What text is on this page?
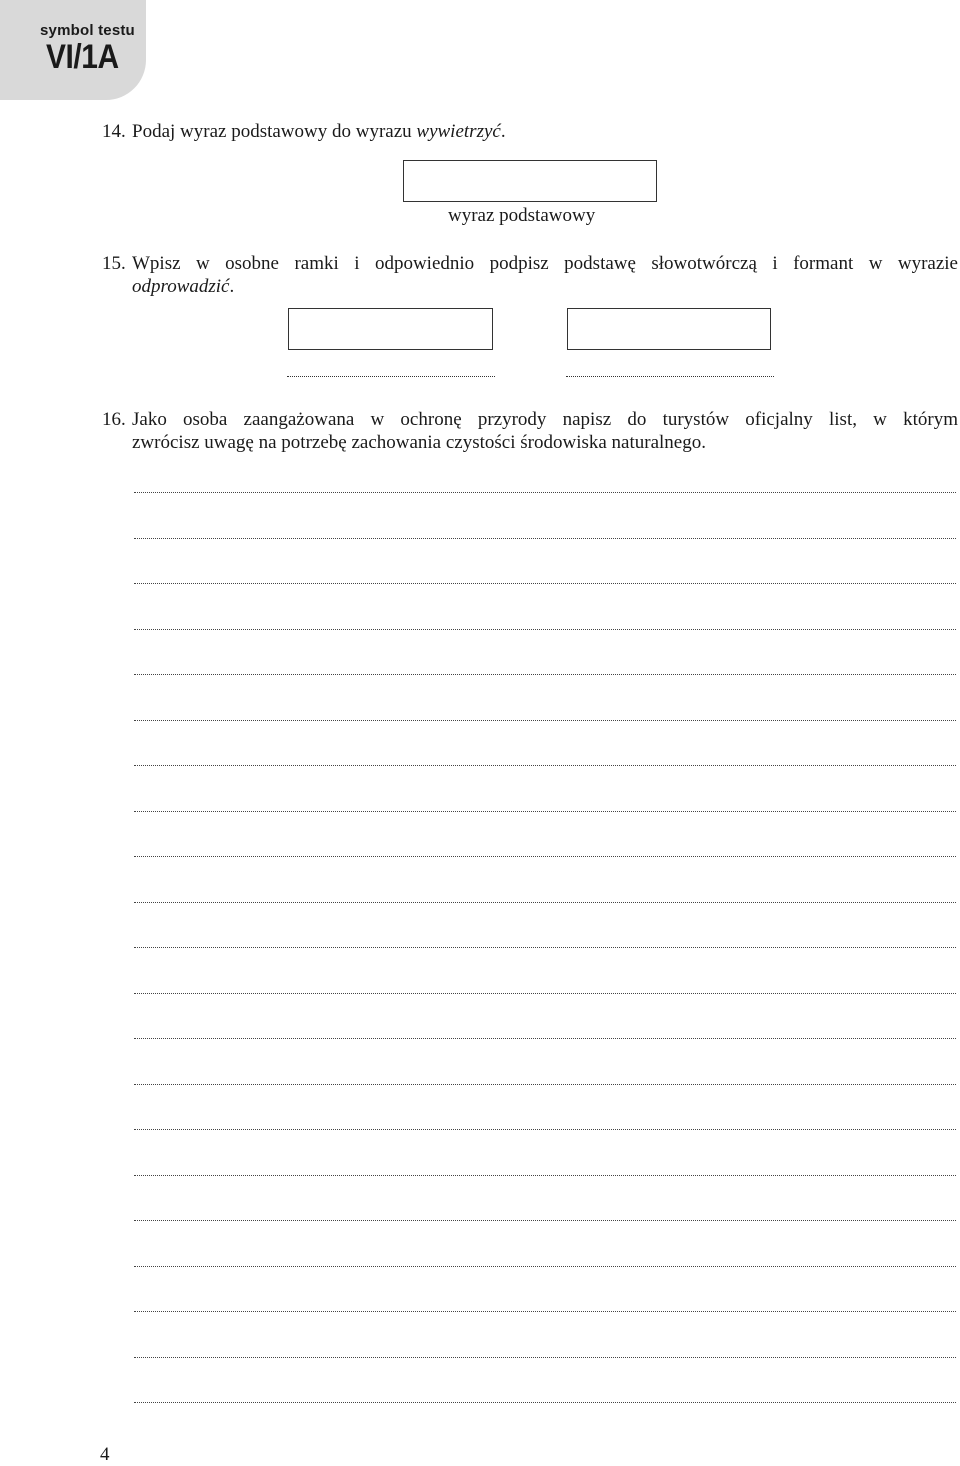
symbol testu
VI/1A
14. Podaj wyraz podstawowy do wyrazu wywietrzyć.
wyraz podstawowy
15. Wpisz w osobne ramki i odpowiednio podpisz podstawę słowotwórczą i formant w wyrazie
odprowadzić.
16. Jako osoba zaangażowana w ochronę przyrody napisz do turystów oficjalny list, w którym
zwrócisz uwagę na potrzebę zachowania czystości środowiska naturalnego.
4
